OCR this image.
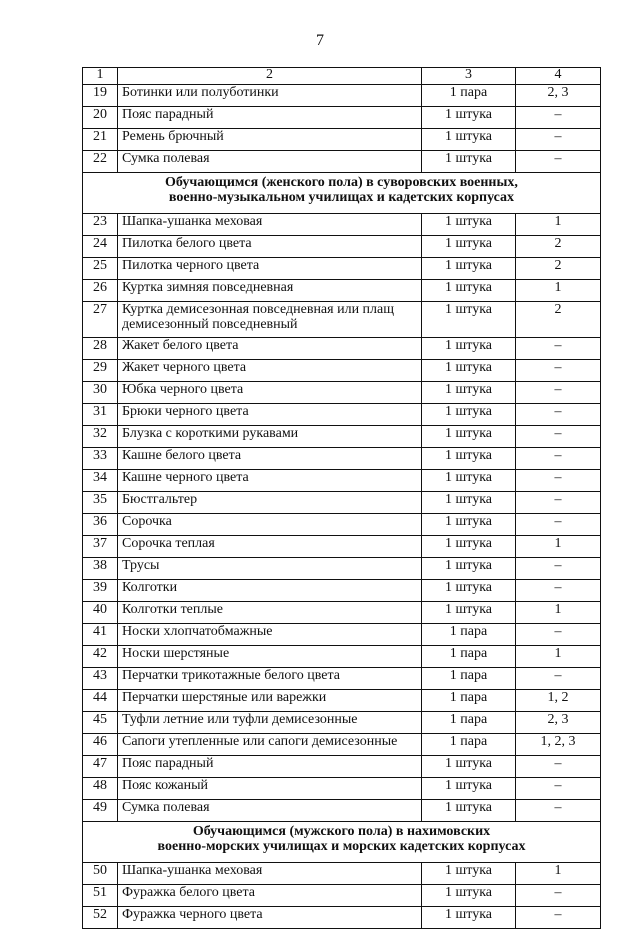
7
1	2	3	4
19	Ботинки или полуботинки	1 пара	2, 3
20	Пояс парадный	1 штука	–
21	Ремень брючный	1 штука	–
22	Сумка полевая	1 штука	–

Обучающимся (женского пола) в суворовских военных,
военно-музыкальном училищах и кадетских корпусах			

23	Шапка-ушанка меховая	1 штука	1
24	Пилотка белого цвета	1 штука	2
25	Пилотка черного цвета	1 штука	2
26	Куртка зимняя повседневная	1 штука	1
27	Куртка демисезонная повседневная или плащ демисезонный повседневный	1 штука	2
28	Жакет белого цвета	1 штука	–
29	Жакет черного цвета	1 штука	–
30	Юбка черного цвета	1 штука	–
31	Брюки черного цвета	1 штука	–
32	Блузка с короткими рукавами	1 штука	–
33	Кашне белого цвета	1 штука	–
34	Кашне черного цвета	1 штука	–
35	Бюстгальтер	1 штука	–
36	Сорочка	1 штука	–
37	Сорочка теплая	1 штука	1
38	Трусы	1 штука	–
39	Колготки	1 штука	–
40	Колготки теплые	1 штука	1
41	Носки хлопчатобмажные	1 пара	–
42	Носки шерстяные	1 пара	1
43	Перчатки трикотажные белого цвета	1 пара	–
44	Перчатки шерстяные или варежки	1 пара	1, 2
45	Туфли летние или туфли демисезонные	1 пара	2, 3
46	Сапоги утепленные или сапоги демисезонные	1 пара	1, 2, 3
47	Пояс парадный	1 штука	–
48	Пояс кожаный	1 штука	–
49	Сумка полевая	1 штука	–

Обучающимся (мужского пола) в нахимовских
военно-морских училищах и морских кадетских корпусах			

50	Шапка-ушанка меховая	1 штука	1
51	Фуражка белого цвета	1 штука	–
52	Фуражка черного цвета	1 штука	–
